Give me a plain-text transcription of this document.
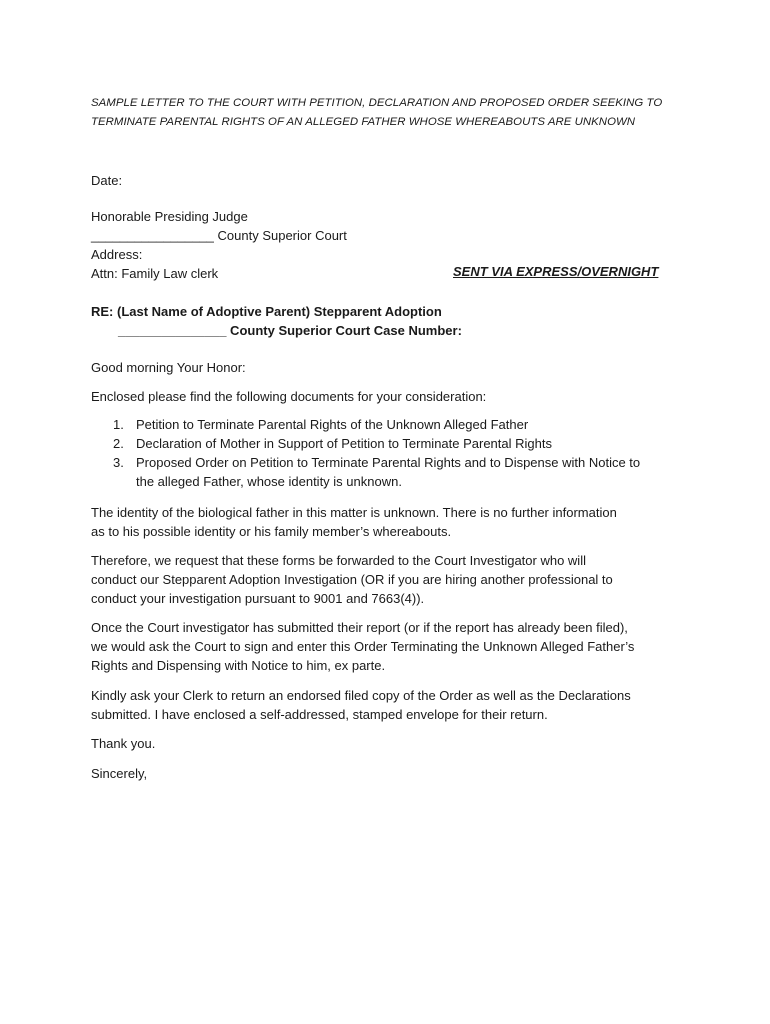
SAMPLE LETTER TO THE COURT WITH PETITION, DECLARATION AND PROPOSED ORDER SEEKING TO
TERMINATE PARENTAL RIGHTS OF AN ALLEGED FATHER WHOSE WHEREABOUTS ARE UNKNOWN
Date:
Honorable Presiding Judge
_________________ County Superior Court
Address:
Attn: Family Law clerk	SENT VIA EXPRESS/OVERNIGHT
RE: (Last Name of Adoptive Parent) Stepparent Adoption
_______________ County Superior Court Case Number:
Good morning Your Honor:
Enclosed please find the following documents for your consideration:
1. Petition to Terminate Parental Rights of the Unknown Alleged Father
2. Declaration of Mother in Support of Petition to Terminate Parental Rights
3. Proposed Order on Petition to Terminate Parental Rights and to Dispense with Notice to
the alleged Father, whose identity is unknown.
The identity of the biological father in this matter is unknown. There is no further information
as to his possible identity or his family member’s whereabouts.
Therefore, we request that these forms be forwarded to the Court Investigator who will
conduct our Stepparent Adoption Investigation (OR if you are hiring another professional to
conduct your investigation pursuant to 9001 and 7663(4)).
Once the Court investigator has submitted their report (or if the report has already been filed),
we would ask the Court to sign and enter this Order Terminating the Unknown Alleged Father’s
Rights and Dispensing with Notice to him, ex parte.
Kindly ask your Clerk to return an endorsed filed copy of the Order as well as the Declarations
submitted. I have enclosed a self-addressed, stamped envelope for their return.
Thank you.
Sincerely,
